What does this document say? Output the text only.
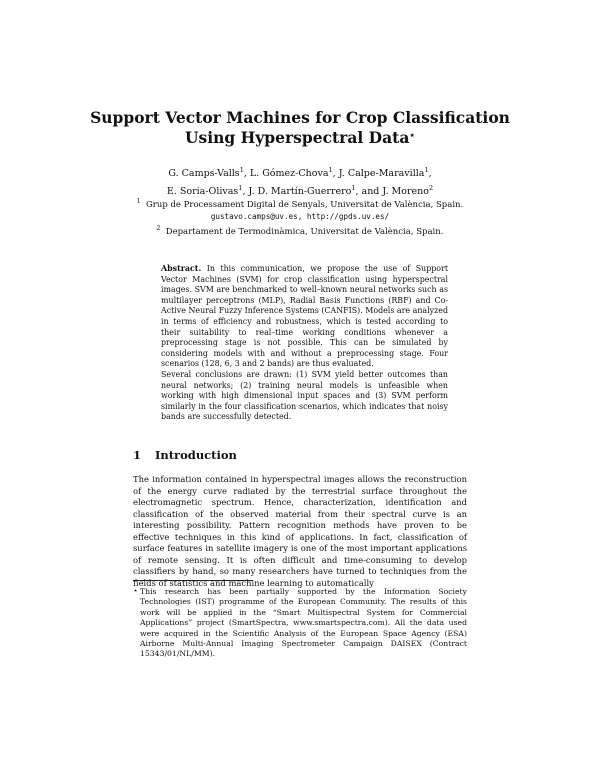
Support Vector Machines for Crop Classification
Using Hyperspectral Data⋆
G. Camps-Valls$^1$, L. Gómez-Chova$^1$, J. Calpe-Maravilla$^1$,
E. Soria-Olivas$^1$, J. D. Martín-Guerrero$^1$, and J. Moreno$^2$
$^1$ Grup de Processament Digital de Senyals, Universitat de València, Spain.
gustavo.camps@uv.es, http://gpds.uv.es/
$^2$ Departament de Termodinàmica, Universitat de València, Spain.

Abstract. In this communication, we propose the use of Support Vector Machines (SVM) for crop classification using hyperspectral images. SVM are benchmarked to well–known neural networks such as multilayer perceptrons (MLP), Radial Basis Functions (RBF) and Co-Active Neural Fuzzy Inference Systems (CANFIS). Models are analyzed in terms of efficiency and robustness, which is tested according to their suitability to real–time working conditions whenever a preprocessing stage is not possible. This can be simulated by considering models with and without a preprocessing stage. Four scenarios (128, 6, 3 and 2 bands) are thus evaluated.

Several conclusions are drawn: (1) SVM yield better outcomes than neural networks; (2) training neural models is unfeasible when working with high dimensional input spaces and (3) SVM perform similarly in the four classification scenarios, which indicates that noisy bands are successfully detected.

1 Introduction
The information contained in hyperspectral images allows the reconstruction of the energy curve radiated by the terrestrial surface throughout the electromagnetic spectrum. Hence, characterization, identification and classification of the observed material from their spectral curve is an interesting possibility. Pattern recognition methods have proven to be effective techniques in this kind of applications. In fact, classification of surface features in satellite imagery is one of the most important applications of remote sensing. It is often difficult and time-consuming to develop classifiers by hand, so many researchers have turned to techniques from the fields of statistics and machine learning to automatically
⋆ This research has been partially supported by the Information Society Technologies (IST) programme of the European Community. The results of this work will be applied in the “Smart Multispectral System for Commercial Applications” project (SmartSpectra, www.smartspectra.com). All the data used were acquired in the Scientific Analysis of the European Space Agency (ESA) Airborne Multi-Annual Imaging Spectrometer Campaign DAISEX (Contract 15343/01/NL/MM).
